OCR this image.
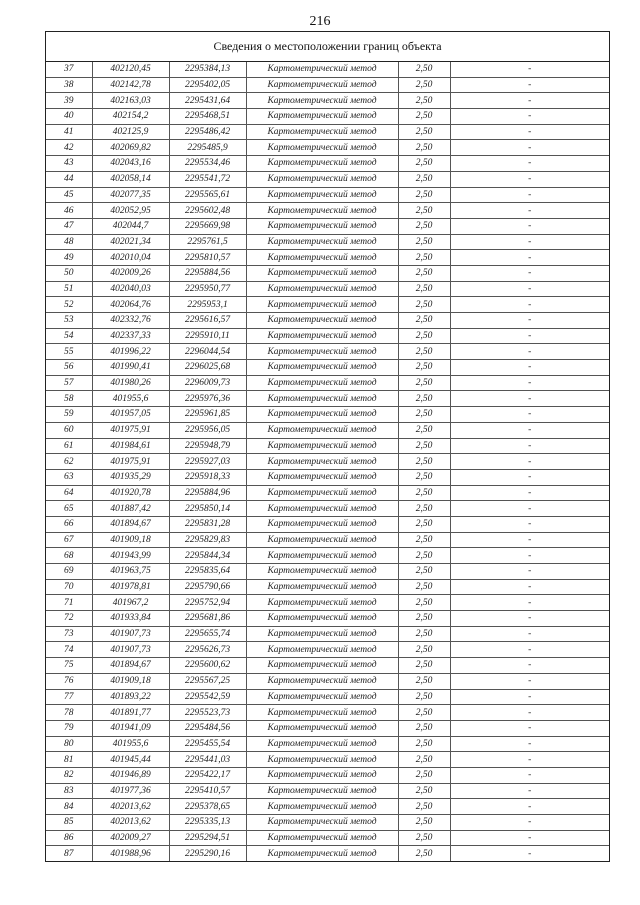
216
Сведения о местоположении границ объекта
37	402120,45	2295384,13	Картометрический метод	2,50	-
38	402142,78	2295402,05	Картометрический метод	2,50	-
39	402163,03	2295431,64	Картометрический метод	2,50	-
40	402154,2	2295468,51	Картометрический метод	2,50	-
41	402125,9	2295486,42	Картометрический метод	2,50	-
42	402069,82	2295485,9	Картометрический метод	2,50	-
43	402043,16	2295534,46	Картометрический метод	2,50	-
44	402058,14	2295541,72	Картометрический метод	2,50	-
45	402077,35	2295565,61	Картометрический метод	2,50	-
46	402052,95	2295602,48	Картометрический метод	2,50	-
47	402044,7	2295669,98	Картометрический метод	2,50	-
48	402021,34	2295761,5	Картометрический метод	2,50	-
49	402010,04	2295810,57	Картометрический метод	2,50	-
50	402009,26	2295884,56	Картометрический метод	2,50	-
51	402040,03	2295950,77	Картометрический метод	2,50	-
52	402064,76	2295953,1	Картометрический метод	2,50	-
53	402332,76	2295616,57	Картометрический метод	2,50	-
54	402337,33	2295910,11	Картометрический метод	2,50	-
55	401996,22	2296044,54	Картометрический метод	2,50	-
56	401990,41	2296025,68	Картометрический метод	2,50	-
57	401980,26	2296009,73	Картометрический метод	2,50	-
58	401955,6	2295976,36	Картометрический метод	2,50	-
59	401957,05	2295961,85	Картометрический метод	2,50	-
60	401975,91	2295956,05	Картометрический метод	2,50	-
61	401984,61	2295948,79	Картометрический метод	2,50	-
62	401975,91	2295927,03	Картометрический метод	2,50	-
63	401935,29	2295918,33	Картометрический метод	2,50	-
64	401920,78	2295884,96	Картометрический метод	2,50	-
65	401887,42	2295850,14	Картометрический метод	2,50	-
66	401894,67	2295831,28	Картометрический метод	2,50	-
67	401909,18	2295829,83	Картометрический метод	2,50	-
68	401943,99	2295844,34	Картометрический метод	2,50	-
69	401963,75	2295835,64	Картометрический метод	2,50	-
70	401978,81	2295790,66	Картометрический метод	2,50	-
71	401967,2	2295752,94	Картометрический метод	2,50	-
72	401933,84	2295681,86	Картометрический метод	2,50	-
73	401907,73	2295655,74	Картометрический метод	2,50	-
74	401907,73	2295626,73	Картометрический метод	2,50	-
75	401894,67	2295600,62	Картометрический метод	2,50	-
76	401909,18	2295567,25	Картометрический метод	2,50	-
77	401893,22	2295542,59	Картометрический метод	2,50	-
78	401891,77	2295523,73	Картометрический метод	2,50	-
79	401941,09	2295484,56	Картометрический метод	2,50	-
80	401955,6	2295455,54	Картометрический метод	2,50	-
81	401945,44	2295441,03	Картометрический метод	2,50	-
82	401946,89	2295422,17	Картометрический метод	2,50	-
83	401977,36	2295410,57	Картометрический метод	2,50	-
84	402013,62	2295378,65	Картометрический метод	2,50	-
85	402013,62	2295335,13	Картометрический метод	2,50	-
86	402009,27	2295294,51	Картометрический метод	2,50	-
87	401988,96	2295290,16	Картометрический метод	2,50	-
